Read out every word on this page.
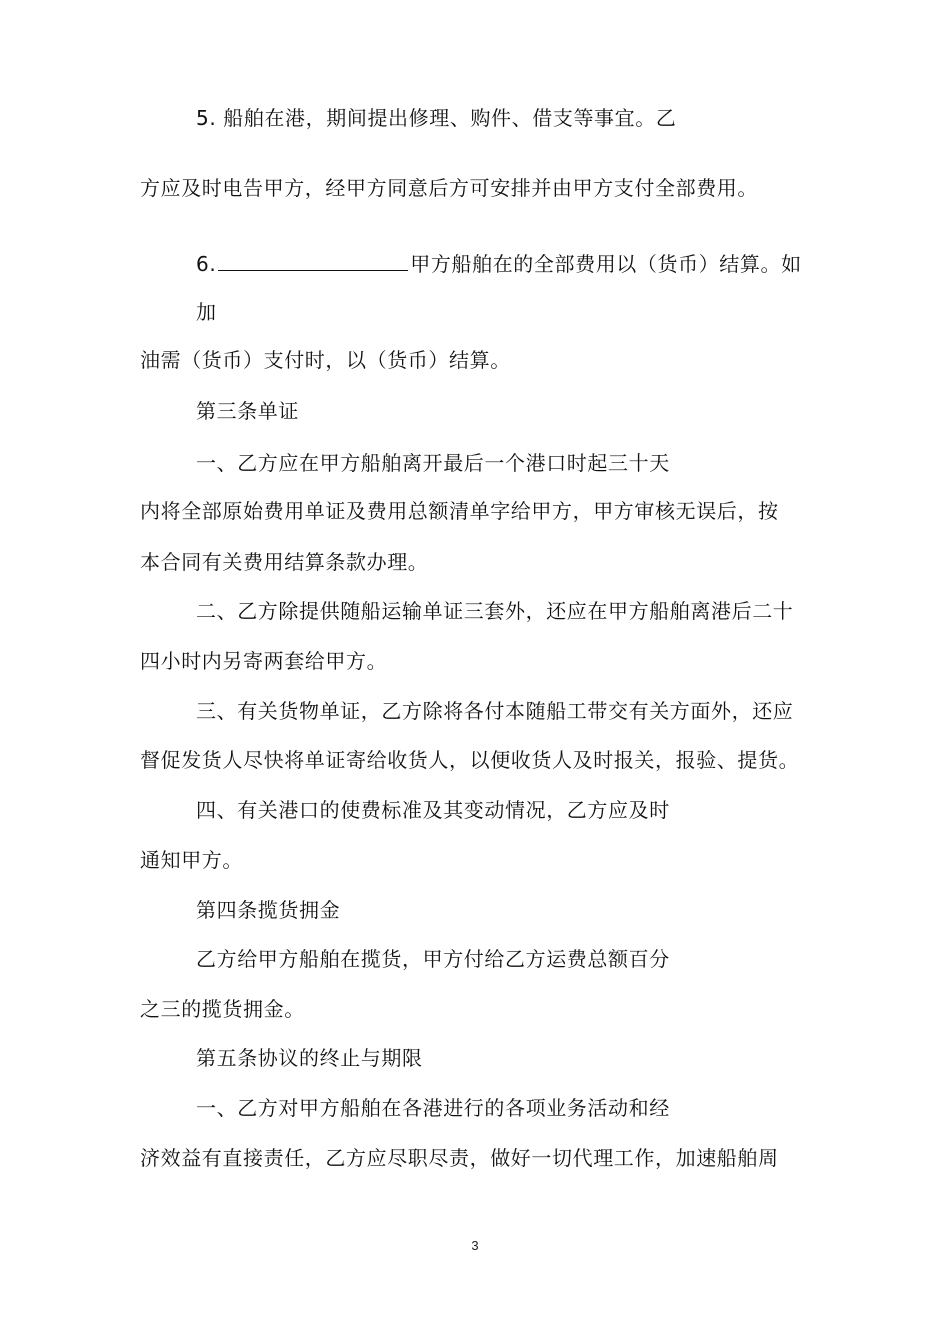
5. 船舶在港，期间提出修理、购件、借支等事宜。乙
方应及时电告甲方，经甲方同意后方可安排并由甲方支付全部费用。
6.	甲方船舶在的全部费用以（货币）结算。如
加
油需（货币）支付时，以（货币）结算。
第三条单证
一、乙方应在甲方船舶离开最后一个港口时起三十天
内将全部原始费用单证及费用总额清单字给甲方，甲方审核无误后，按
本合同有关费用结算条款办理。
二、乙方除提供随船运输单证三套外，还应在甲方船舶离港后二十
四小时内另寄两套给甲方。
三、有关货物单证，乙方除将各付本随船工带交有关方面外，还应
督促发货人尽快将单证寄给收货人，以便收货人及时报关，报验、提货。
四、有关港口的使费标准及其变动情况，乙方应及时
通知甲方。
第四条揽货拥金
乙方给甲方船舶在揽货，甲方付给乙方运费总额百分
之三的揽货拥金。
第五条协议的终止与期限
一、乙方对甲方船舶在各港进行的各项业务活动和经
济效益有直接责任，乙方应尽职尽责，做好一切代理工作，加速船舶周
3
